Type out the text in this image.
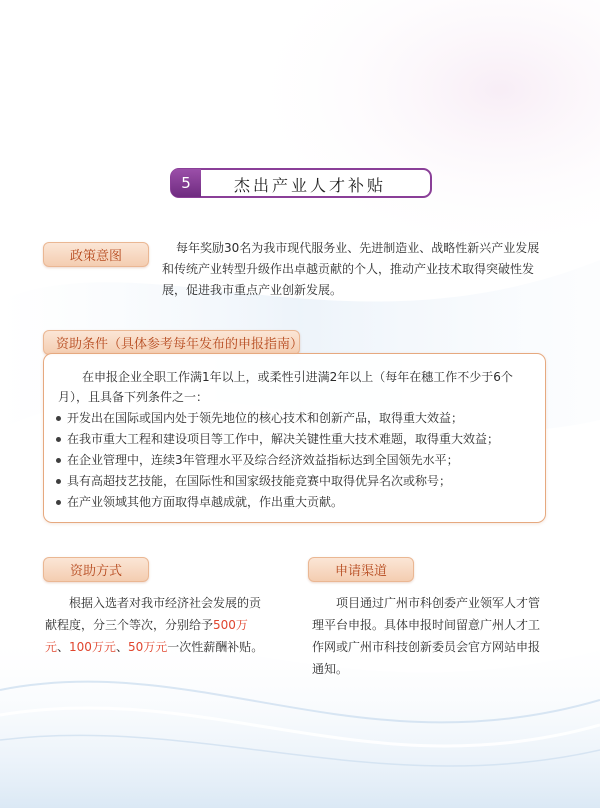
5	杰出产业人才补贴
政策意图

每年奖励30名为我市现代服务业、先进制造业、战略性新兴产业发展和传统产业转型升级作出卓越贡献的个人，推动产业技术取得突破性发展，促进我市重点产业创新发展。

资助条件（具体参考每年发布的申报指南）

在申报企业全职工作满1年以上，或柔性引进满2年以上（每年在穗工作不少于6个月），且具备下列条件之一：

开发出在国际或国内处于领先地位的核心技术和创新产品，取得重大效益；
在我市重大工程和建设项目等工作中，解决关键性重大技术难题，取得重大效益；
在企业管理中，连续3年管理水平及综合经济效益指标达到全国领先水平；
具有高超技艺技能，在国际性和国家级技能竞赛中取得优异名次或称号；
在产业领域其他方面取得卓越成就，作出重大贡献。
资助方式

根据入选者对我市经济社会发展的贡献程度，分三个等次，分别给予500万元、100万元、50万元一次性薪酬补贴。

申请渠道

项目通过广州市科创委产业领军人才管理平台申报。具体申报时间留意广州人才工作网或广州市科技创新委员会官方网站申报通知。
